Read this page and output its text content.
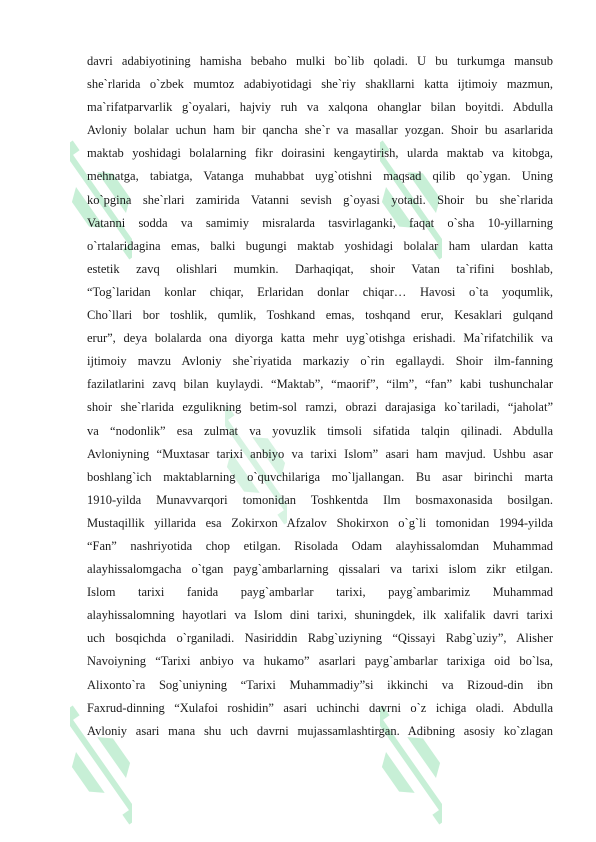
davri adabiyotining hamisha bebaho mulki bo`lib qoladi. U bu turkumga mansub
she`rlarida o`zbek mumtoz adabiyotidagi she`riy shakllarni katta ijtimoiy mazmun,
ma`rifatparvarlik g`oyalari, hajviy ruh va xalqona ohanglar bilan boyitdi. Abdulla
Avloniy bolalar uchun ham bir qancha she`r va masallar yozgan. Shoir bu asarlarida
maktab yoshidagi bolalarning fikr doirasini kengaytirish, ularda maktab va kitobga,
mehnatga, tabiatga, Vatanga muhabbat uyg`otishni maqsad qilib qo`ygan. Uning
ko`pgina she`rlari zamirida Vatanni sevish g`oyasi yotadi. Shoir bu she`rlarida
Vatanni sodda va samimiy misralarda tasvirlaganki, faqat o`sha 10-yillarning
o`rtalaridagina emas, balki bugungi maktab yoshidagi bolalar ham ulardan katta
estetik zavq olishlari mumkin. Darhaqiqat, shoir Vatan ta`rifini boshlab,
“Tog`laridan konlar chiqar, Erlaridan donlar chiqar… Havosi o`ta yoqumlik,
Cho`llari bor toshlik, qumlik, Toshkand emas, toshqand erur, Kesaklari gulqand
erur”, deya bolalarda ona diyorga katta mehr uyg`otishga erishadi. Ma`rifatchilik va
ijtimoiy mavzu Avloniy she`riyatida markaziy o`rin egallaydi. Shoir ilm-fanning
fazilatlarini zavq bilan kuylaydi. “Maktab”, “maorif”, “ilm”, “fan” kabi tushunchalar
shoir she`rlarida ezgulikning betim-sol ramzi, obrazi darajasiga ko`tariladi, “jaholat”
va “nodonlik” esa zulmat va yovuzlik timsoli sifatida talqin qilinadi. Abdulla
Avloniyning “Muxtasar tarixi anbiyo va tarixi Islom” asari ham mavjud. Ushbu asar
boshlang`ich maktablarning o`quvchilariga mo`ljallangan. Bu asar birinchi marta
1910-yilda Munavvarqori tomonidan Toshkentda Ilm bosmaxonasida bosilgan.
Mustaqillik yillarida esa Zokirxon Afzalov Shokirxon o`g`li tomonidan 1994-yilda
“Fan” nashriyotida chop etilgan. Risolada Odam alayhissalomdan Muhammad
alayhissalomgacha o`tgan payg`ambarlarning qissalari va tarixi islom zikr etilgan.
Islom tarixi fanida payg`ambarlar tarixi, payg`ambarimiz Muhammad
alayhissalomning hayotlari va Islom dini tarixi, shuningdek, ilk xalifalik davri tarixi
uch bosqichda o`rganiladi. Nasiriddin Rabg`uziyning “Qissayi Rabg`uziy”, Alisher
Navoiyning “Tarixi anbiyo va hukamo” asarlari payg`ambarlar tarixiga oid bo`lsa,
Alixonto`ra Sog`uniyning “Tarixi Muhammadiy”si ikkinchi va Rizoud-din ibn
Faxrud-dinning “Xulafoi roshidin” asari uchinchi davrni o`z ichiga oladi. Abdulla
Avloniy asari mana shu uch davrni mujassamlashtirgan. Adibning asosiy ko`zlagan
